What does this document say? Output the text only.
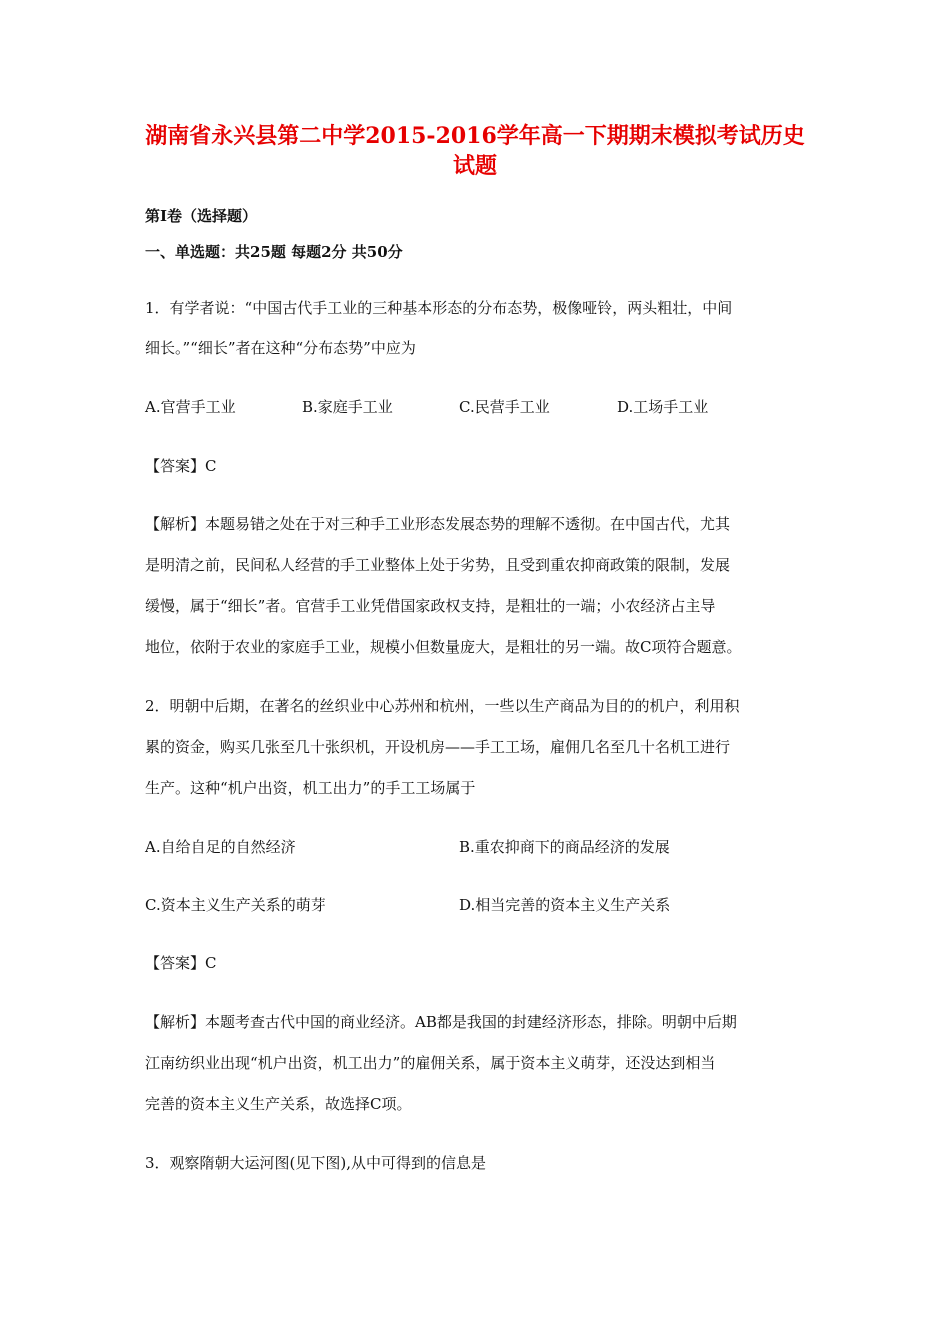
湖南省永兴县第二中学2015-2016学年高一下期期末模拟考试历史
试题
第Ⅰ卷（选择题）
一、单选题：共25题 每题2分 共50分
1．有学者说：“中国古代手工业的三种基本形态的分布态势，极像哑铃，两头粗壮，中间
细长。”“细长”者在这种“分布态势”中应为
A.官营手工业	B.家庭手工业	C.民营手工业	D.工场手工业
【答案】C
【解析】本题易错之处在于对三种手工业形态发展态势的理解不透彻。在中国古代，尤其
是明清之前，民间私人经营的手工业整体上处于劣势，且受到重农抑商政策的限制，发展
缓慢，属于“细长”者。官营手工业凭借国家政权支持，是粗壮的一端；小农经济占主导
地位，依附于农业的家庭手工业，规模小但数量庞大，是粗壮的另一端。故C项符合题意。
2．明朝中后期，在著名的丝织业中心苏州和杭州，一些以生产商品为目的的机户，利用积
累的资金，购买几张至几十张织机，开设机房——手工工场，雇佣几名至几十名机工进行
生产。这种“机户出资，机工出力”的手工工场属于
A.自给自足的自然经济	B.重农抑商下的商品经济的发展
C.资本主义生产关系的萌芽	D.相当完善的资本主义生产关系
【答案】C
【解析】本题考查古代中国的商业经济。AB都是我国的封建经济形态，排除。明朝中后期
江南纺织业出现“机户出资，机工出力”的雇佣关系，属于资本主义萌芽，还没达到相当
完善的资本主义生产关系，故选择C项。
3．观察隋朝大运河图(见下图),从中可得到的信息是
